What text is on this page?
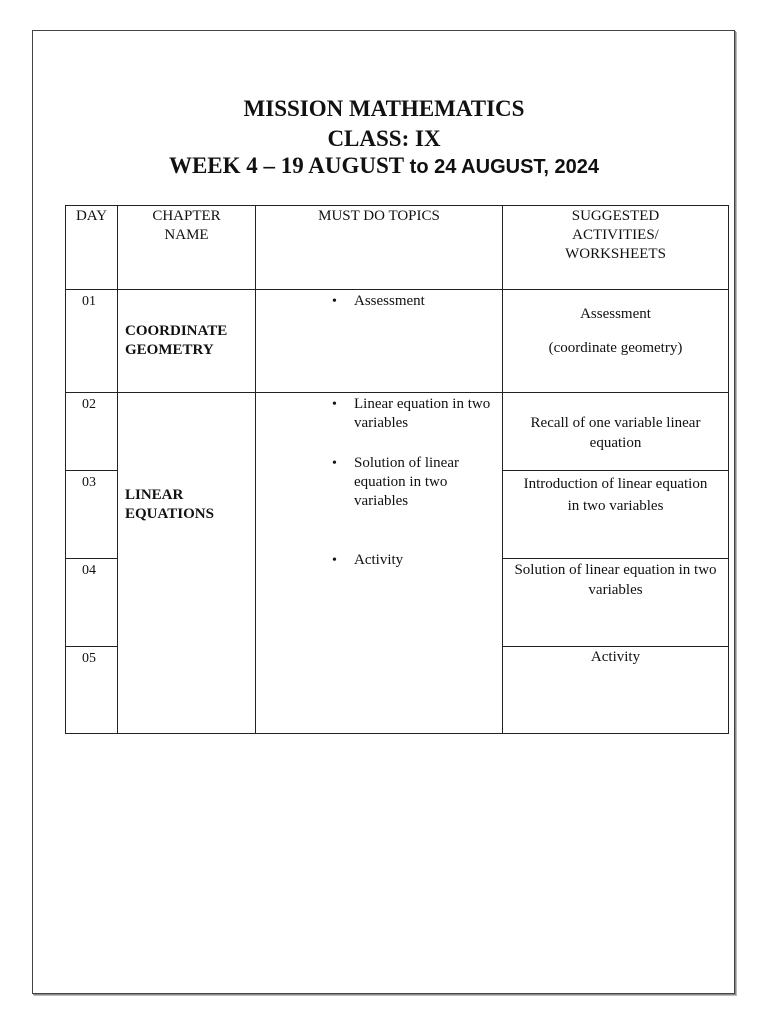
MISSION MATHEMATICS
CLASS: IX
WEEK 4 – 19 AUGUST to 24 AUGUST, 2024
DAY	CHAPTER
NAME
MUST DO TOPICS	SUGGESTED
ACTIVITIES/
WORKSHEETS
01
02
03
04
05
COORDINATE
GEOMETRY
LINEAR
EQUATIONS
• Assessment
• Linear equation in two variables
• Solution of linear equation in two variables
• Activity
Assessment
(coordinate geometry)
Recall of one variable linear equation
Introduction of linear equation in two variables
Solution of linear equation in two variables
Activity
